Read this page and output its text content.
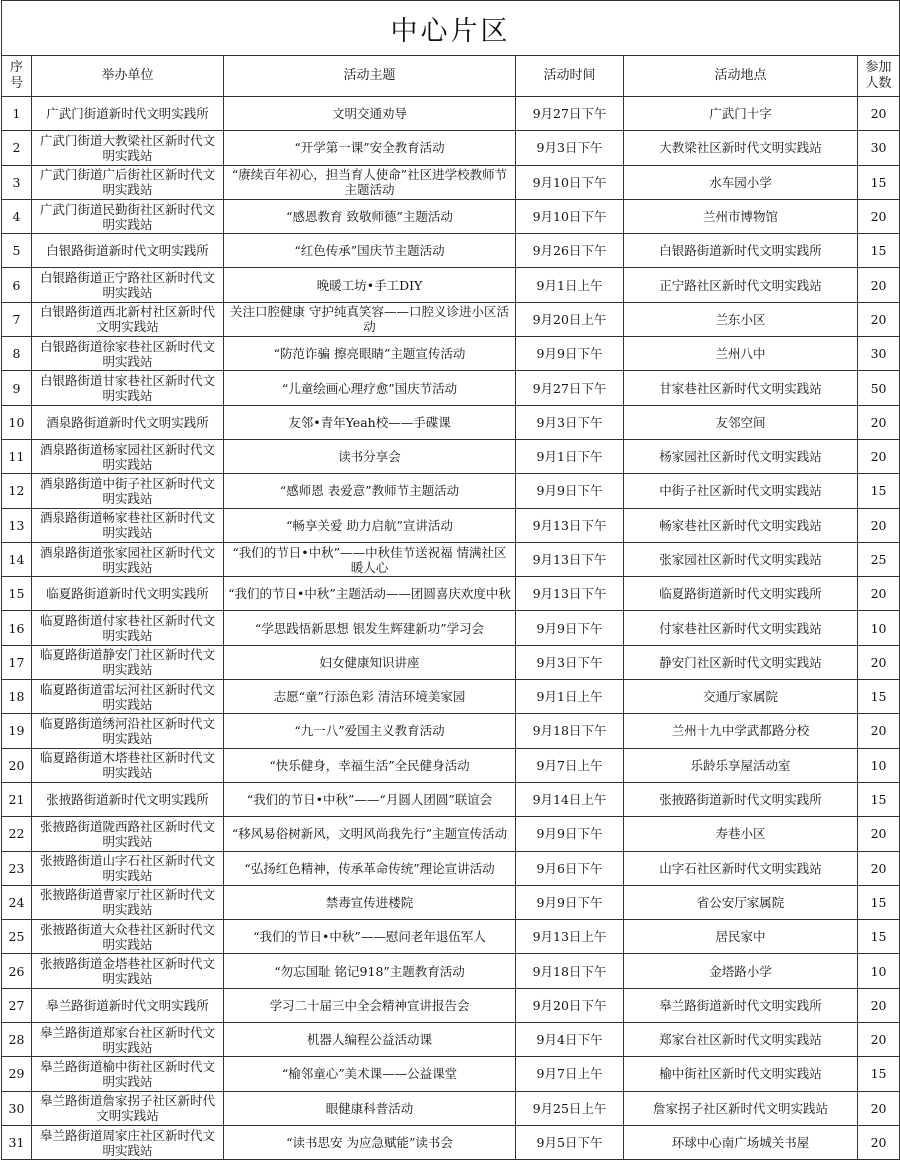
中心片区					
序号	举办单位	活动主题	活动时间	活动地点	参加人数
1	广武门街道新时代文明实践所	文明交通劝导	9月27日下午	广武门十字	20
2	广武门街道大教梁社区新时代文明实践站	“开学第一课”安全教育活动	9月3日下午	大教梁社区新时代文明实践站	30
3	广武门街道广后街社区新时代文明实践站	“赓续百年初心，担当育人使命”社区进学校教师节主题活动	9月10日下午	水车园小学	15
4	广武门街道民勤街社区新时代文明实践站	“感恩教育 致敬师德”主题活动	9月10日下午	兰州市博物馆	20
5	白银路街道新时代文明实践所	“红色传承”国庆节主题活动	9月26日下午	白银路街道新时代文明实践所	15
6	白银路街道正宁路社区新时代文明实践站	晚暖工坊•手工DIY	9月1日上午	正宁路社区新时代文明实践站	20
7	白银路街道西北新村社区新时代文明实践站	关注口腔健康 守护纯真笑容——口腔义诊进小区活动	9月20日上午	兰东小区	20
8	白银路街道徐家巷社区新时代文明实践站	“防范诈骗 擦亮眼睛”主题宣传活动	9月9日下午	兰州八中	30
9	白银路街道甘家巷社区新时代文明实践站	“儿童绘画心理疗愈”国庆节活动	9月27日下午	甘家巷社区新时代文明实践站	50
10	酒泉路街道新时代文明实践所	友邻•青年Yeah校——手碟课	9月3日下午	友邻空间	20
11	酒泉路街道杨家园社区新时代文明实践站	读书分享会	9月1日下午	杨家园社区新时代文明实践站	20
12	酒泉路街道中街子社区新时代文明实践站	“感师恩 表爱意”教师节主题活动	9月9日下午	中街子社区新时代文明实践站	15
13	酒泉路街道畅家巷社区新时代文明实践站	“畅享关爱 助力启航”宣讲活动	9月13日下午	畅家巷社区新时代文明实践站	20
14	酒泉路街道张家园社区新时代文明实践站	“我们的节日•中秋”——中秋佳节送祝福 情满社区暖人心	9月13日下午	张家园社区新时代文明实践站	25
15	临夏路街道新时代文明实践所	“我们的节日•中秋”主题活动——团圆喜庆欢度中秋	9月13日下午	临夏路街道新时代文明实践所	20
16	临夏路街道付家巷社区新时代文明实践站	“学思践悟新思想 银发生辉建新功”学习会	9月9日下午	付家巷社区新时代文明实践站	10
17	临夏路街道静安门社区新时代文明实践站	妇女健康知识讲座	9月3日下午	静安门社区新时代文明实践站	20
18	临夏路街道雷坛河社区新时代文明实践站	志愿“童”行添色彩 清洁环境美家园	9月1日上午	交通厅家属院	15
19	临夏路街道绣河沿社区新时代文明实践站	“九一八”爱国主义教育活动	9月18日下午	兰州十九中学武都路分校	20
20	临夏路街道木塔巷社区新时代文明实践站	“快乐健身，幸福生活”全民健身活动	9月7日上午	乐龄乐享屋活动室	10
21	张掖路街道新时代文明实践所	“我们的节日•中秋”——“月圆人团圆”联谊会	9月14日上午	张掖路街道新时代文明实践所	15
22	张掖路街道陇西路社区新时代文明实践站	“移风易俗树新风，文明风尚我先行”主题宣传活动	9月9日下午	寿巷小区	20
23	张掖路街道山字石社区新时代文明实践站	“弘扬红色精神，传承革命传统”理论宣讲活动	9月6日下午	山字石社区新时代文明实践站	20
24	张掖路街道曹家厅社区新时代文明实践站	禁毒宣传进楼院	9月9日下午	省公安厅家属院	15
25	张掖路街道大众巷社区新时代文明实践站	“我们的节日•中秋”——慰问老年退伍军人	9月13日上午	居民家中	15
26	张掖路街道金塔巷社区新时代文明实践站	“勿忘国耻 铭记918”主题教育活动	9月18日下午	金塔路小学	10
27	皋兰路街道新时代文明实践所	学习二十届三中全会精神宣讲报告会	9月20日下午	皋兰路街道新时代文明实践所	20
28	皋兰路街道郑家台社区新时代文明实践站	机器人编程公益活动课	9月4日下午	郑家台社区新时代文明实践站	20
29	皋兰路街道榆中街社区新时代文明实践站	“榆邻童心”美术课——公益课堂	9月7日上午	榆中街社区新时代文明实践站	15
30	皋兰路街道詹家拐子社区新时代文明实践站	眼健康科普活动	9月25日上午	詹家拐子社区新时代文明实践站	20
31	皋兰路街道周家庄社区新时代文明实践站	“读书思安 为应急赋能”读书会	9月5日下午	环球中心南广场城关书屋	20
